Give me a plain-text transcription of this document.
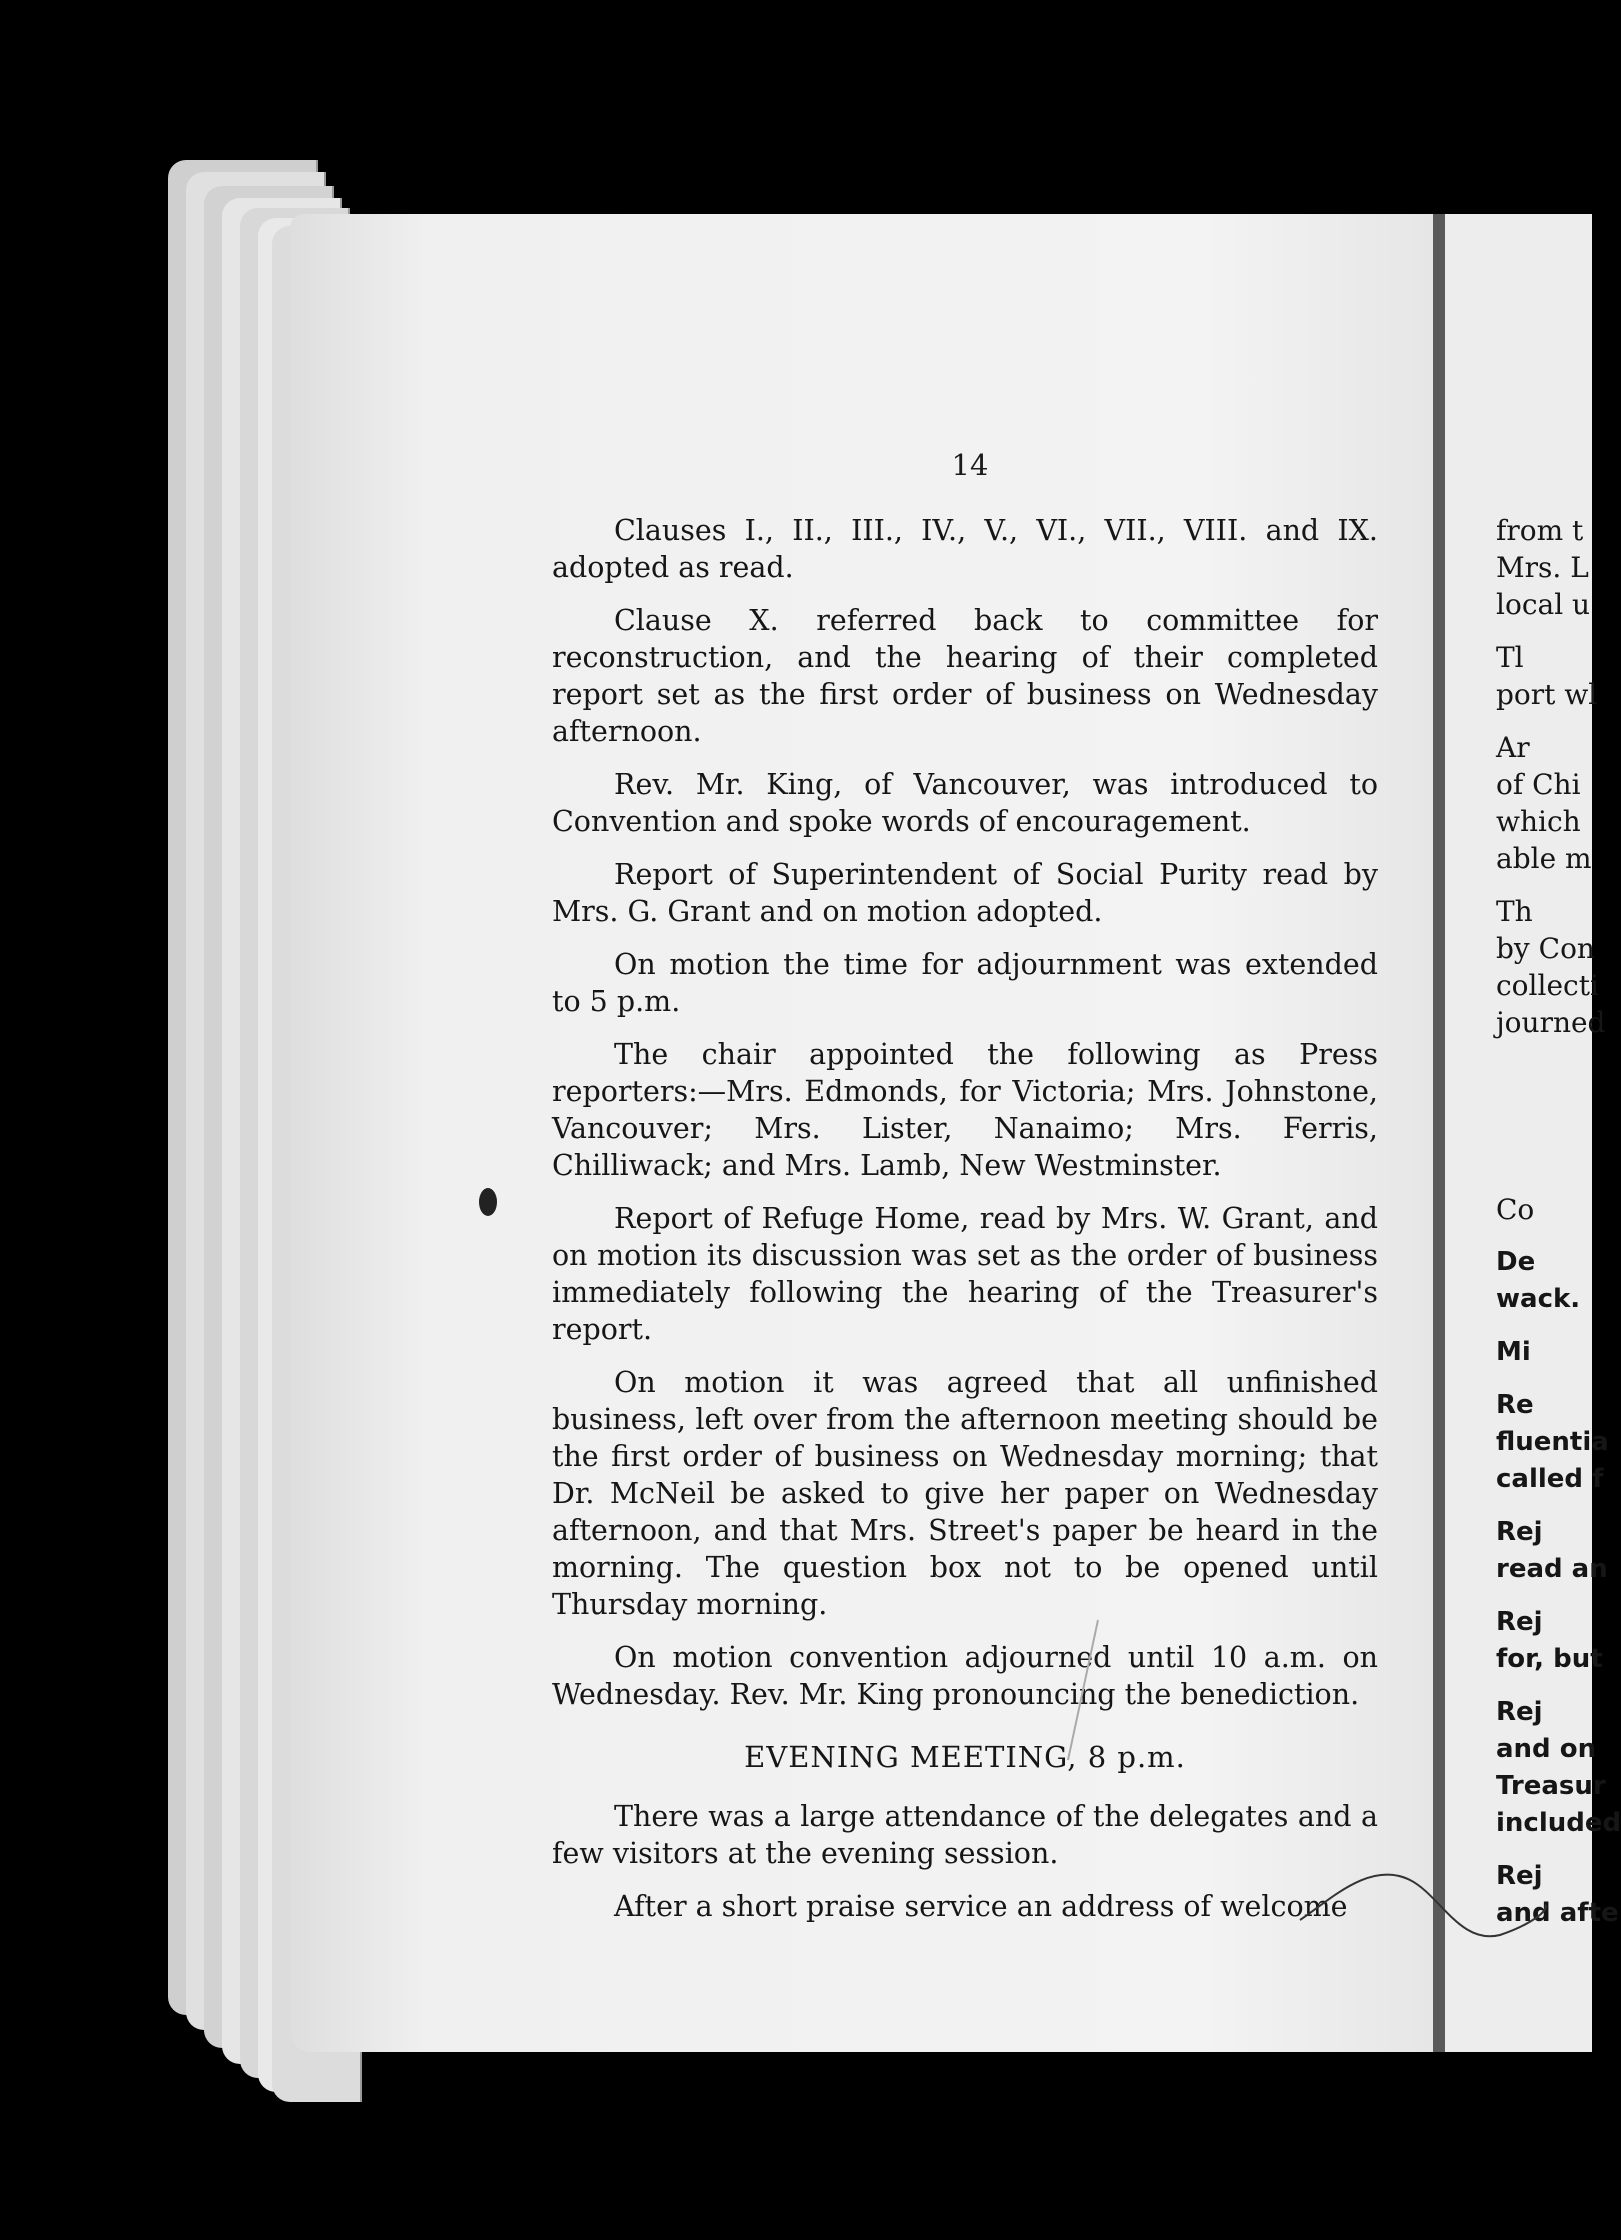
14

Clauses I., II., III., IV., V., VI., VII., VIII. and IX. adopted as read.

Clause X. referred back to committee for reconstruction, and the hearing of their completed report set as the first order of business on Wednesday afternoon.

Rev. Mr. King, of Vancouver, was introduced to Convention and spoke words of encouragement.

Report of Superintendent of Social Purity read by Mrs. G. Grant and on motion adopted.

On motion the time for adjournment was extended to 5 p.m.

The chair appointed the following as Press reporters:—Mrs. Edmonds, for Victoria; Mrs. Johnstone, Vancouver; Mrs. Lister, Nanaimo; Mrs. Ferris, Chilliwack; and Mrs. Lamb, New Westminster.

Report of Refuge Home, read by Mrs. W. Grant, and on motion its discussion was set as the order of business immediately following the hearing of the Treasurer's report.

On motion it was agreed that all unfinished business, left over from the afternoon meeting should be the first order of business on Wednesday morning; that Dr. McNeil be asked to give her paper on Wednesday afternoon, and that Mrs. Street's paper be heard in the morning. The question box not to be opened until Thursday morning.

On motion convention adjourned until 10 a.m. on Wednesday. Rev. Mr. King pronouncing the benediction.

EVENING MEETING, 8 p.m.

There was a large attendance of the delegates and a few visitors at the evening session.

After a short praise service an address of welcome

from t
Mrs. L
local u
Tl
port wl
Ar
of Chi
which
able m
Th
by Con
collecti
journed
Co
De
wack.
Mi
Re
fluentia
called f
Rej
read an
Rej
for, but
Rej
and on
Treasur
included
Rej
and afte
